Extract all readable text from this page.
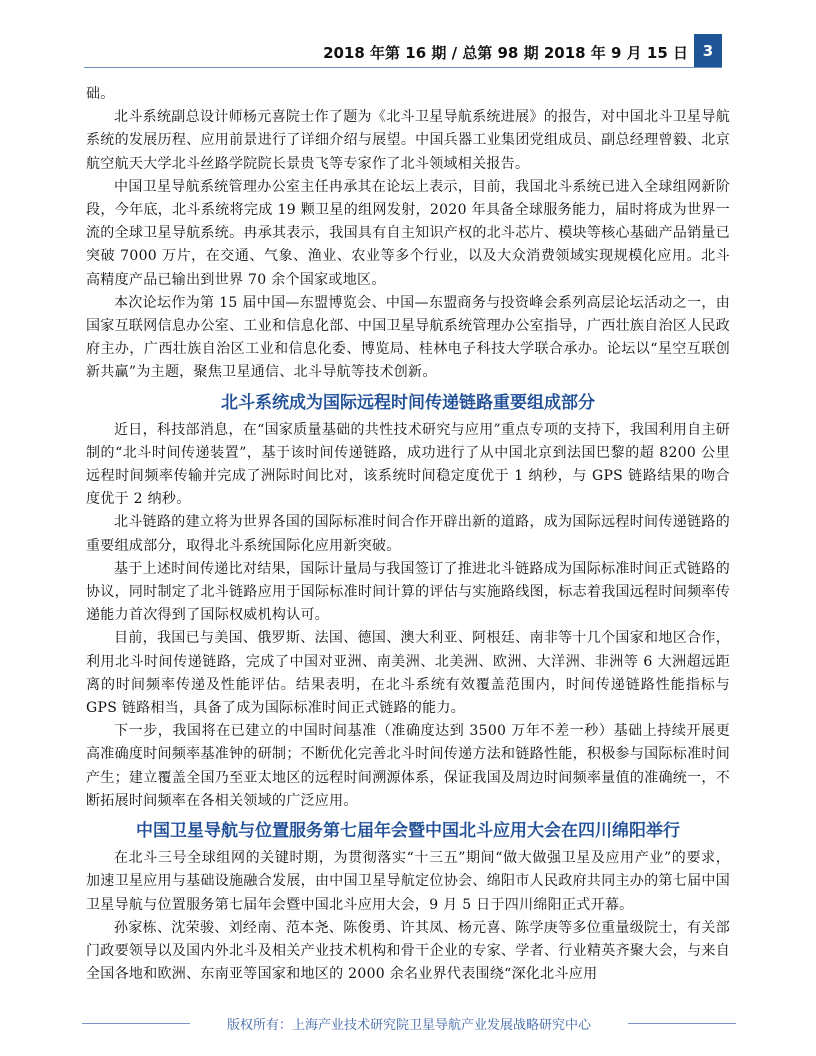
2018 年第 16 期 / 总第 98 期 2018 年 9 月 15 日 3

础。

北斗系统副总设计师杨元喜院士作了题为《北斗卫星导航系统进展》的报告，对中国北斗卫星导航系统的发展历程、应用前景进行了详细介绍与展望。中国兵器工业集团党组成员、副总经理曾毅、北京航空航天大学北斗丝路学院院长景贵飞等专家作了北斗领域相关报告。

中国卫星导航系统管理办公室主任冉承其在论坛上表示，目前，我国北斗系统已进入全球组网新阶段，今年底，北斗系统将完成 19 颗卫星的组网发射，2020 年具备全球服务能力，届时将成为世界一流的全球卫星导航系统。冉承其表示，我国具有自主知识产权的北斗芯片、模块等核心基础产品销量已突破 7000 万片，在交通、气象、渔业、农业等多个行业，以及大众消费领域实现规模化应用。北斗高精度产品已输出到世界 70 余个国家或地区。

本次论坛作为第 15 届中国—东盟博览会、中国—东盟商务与投资峰会系列高层论坛活动之一，由国家互联网信息办公室、工业和信息化部、中国卫星导航系统管理办公室指导，广西壮族自治区人民政府主办，广西壮族自治区工业和信息化委、博览局、桂林电子科技大学联合承办。论坛以“星空互联创新共赢”为主题，聚焦卫星通信、北斗导航等技术创新。

北斗系统成为国际远程时间传递链路重要组成部分

近日，科技部消息，在“国家质量基础的共性技术研究与应用”重点专项的支持下，我国利用自主研制的“北斗时间传递装置”，基于该时间传递链路，成功进行了从中国北京到法国巴黎的超 8200 公里远程时间频率传输并完成了洲际时间比对，该系统时间稳定度优于 1 纳秒，与 GPS 链路结果的吻合度优于 2 纳秒。

北斗链路的建立将为世界各国的国际标准时间合作开辟出新的道路，成为国际远程时间传递链路的重要组成部分，取得北斗系统国际化应用新突破。

基于上述时间传递比对结果，国际计量局与我国签订了推进北斗链路成为国际标准时间正式链路的协议，同时制定了北斗链路应用于国际标准时间计算的评估与实施路线图，标志着我国远程时间频率传递能力首次得到了国际权威机构认可。

目前，我国已与美国、俄罗斯、法国、德国、澳大利亚、阿根廷、南非等十几个国家和地区合作，利用北斗时间传递链路，完成了中国对亚洲、南美洲、北美洲、欧洲、大洋洲、非洲等 6 大洲超远距离的时间频率传递及性能评估。结果表明，在北斗系统有效覆盖范围内，时间传递链路性能指标与 GPS 链路相当，具备了成为国际标准时间正式链路的能力。

下一步，我国将在已建立的中国时间基准（准确度达到 3500 万年不差一秒）基础上持续开展更高准确度时间频率基准钟的研制；不断优化完善北斗时间传递方法和链路性能，积极参与国际标准时间产生；建立覆盖全国乃至亚太地区的远程时间溯源体系，保证我国及周边时间频率量值的准确统一，不断拓展时间频率在各相关领域的广泛应用。

中国卫星导航与位置服务第七届年会暨中国北斗应用大会在四川绵阳举行

在北斗三号全球组网的关键时期，为贯彻落实“十三五”期间“做大做强卫星及应用产业”的要求，加速卫星应用与基础设施融合发展，由中国卫星导航定位协会、绵阳市人民政府共同主办的第七届中国卫星导航与位置服务第七届年会暨中国北斗应用大会，9 月 5 日于四川绵阳正式开幕。

孙家栋、沈荣骏、刘经南、范本尧、陈俊勇、许其凤、杨元喜、陈学庚等多位重量级院士，有关部门政要领导以及国内外北斗及相关产业技术机构和骨干企业的专家、学者、行业精英齐聚大会，与来自全国各地和欧洲、东南亚等国家和地区的 2000 余名业界代表围绕“深化北斗应用

版权所有：上海产业技术研究院卫星导航产业发展战略研究中心
